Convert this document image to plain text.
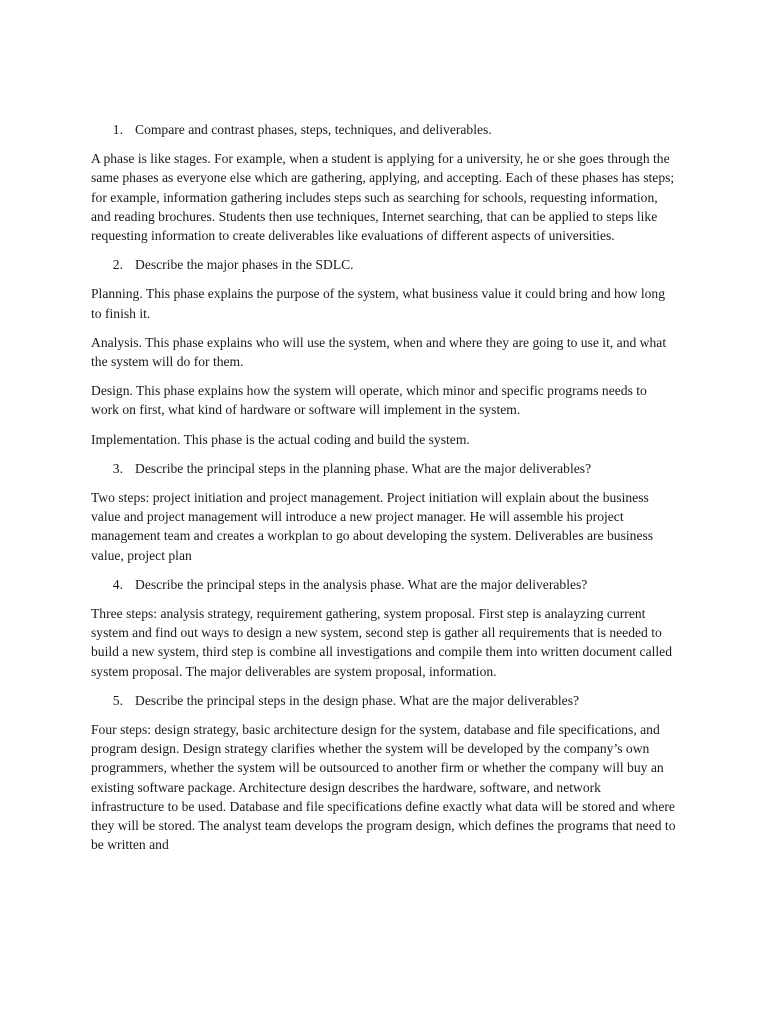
1. Compare and contrast phases, steps, techniques, and deliverables.
A phase is like stages. For example, when a student is applying for a university, he or she goes through the same phases as everyone else which are gathering, applying, and accepting. Each of these phases has steps; for example, information gathering includes steps such as searching for schools, requesting information, and reading brochures. Students then use techniques, Internet searching, that can be applied to steps like requesting information to create deliverables like evaluations of different aspects of universities.
2. Describe the major phases in the SDLC.
Planning. This phase explains the purpose of the system, what business value it could bring and how long to finish it.
Analysis. This phase explains who will use the system, when and where they are going to use it, and what the system will do for them.
Design. This phase explains how the system will operate, which minor and specific programs needs to work on first, what kind of hardware or software will implement in the system.
Implementation. This phase is the actual coding and build the system.
3. Describe the principal steps in the planning phase. What are the major deliverables?
Two steps: project initiation and project management. Project initiation will explain about the business value and project management will introduce a new project manager. He will assemble his project management team and creates a workplan to go about developing the system. Deliverables are business value, project plan
4. Describe the principal steps in the analysis phase. What are the major deliverables?
Three steps: analysis strategy, requirement gathering, system proposal. First step is analayzing current system and find out ways to design a new system, second step is gather all requirements that is needed to build a new system, third step is combine all investigations and compile them into written document called system proposal. The major deliverables are system proposal, information.
5. Describe the principal steps in the design phase. What are the major deliverables?
Four steps: design strategy, basic architecture design for the system, database and file specifications, and program design. Design strategy clarifies whether the system will be developed by the company’s own programmers, whether the system will be outsourced to another firm or whether the company will buy an existing software package. Architecture design describes the hardware, software, and network infrastructure to be used. Database and file specifications define exactly what data will be stored and where they will be stored. The analyst team develops the program design, which defines the programs that need to be written and
